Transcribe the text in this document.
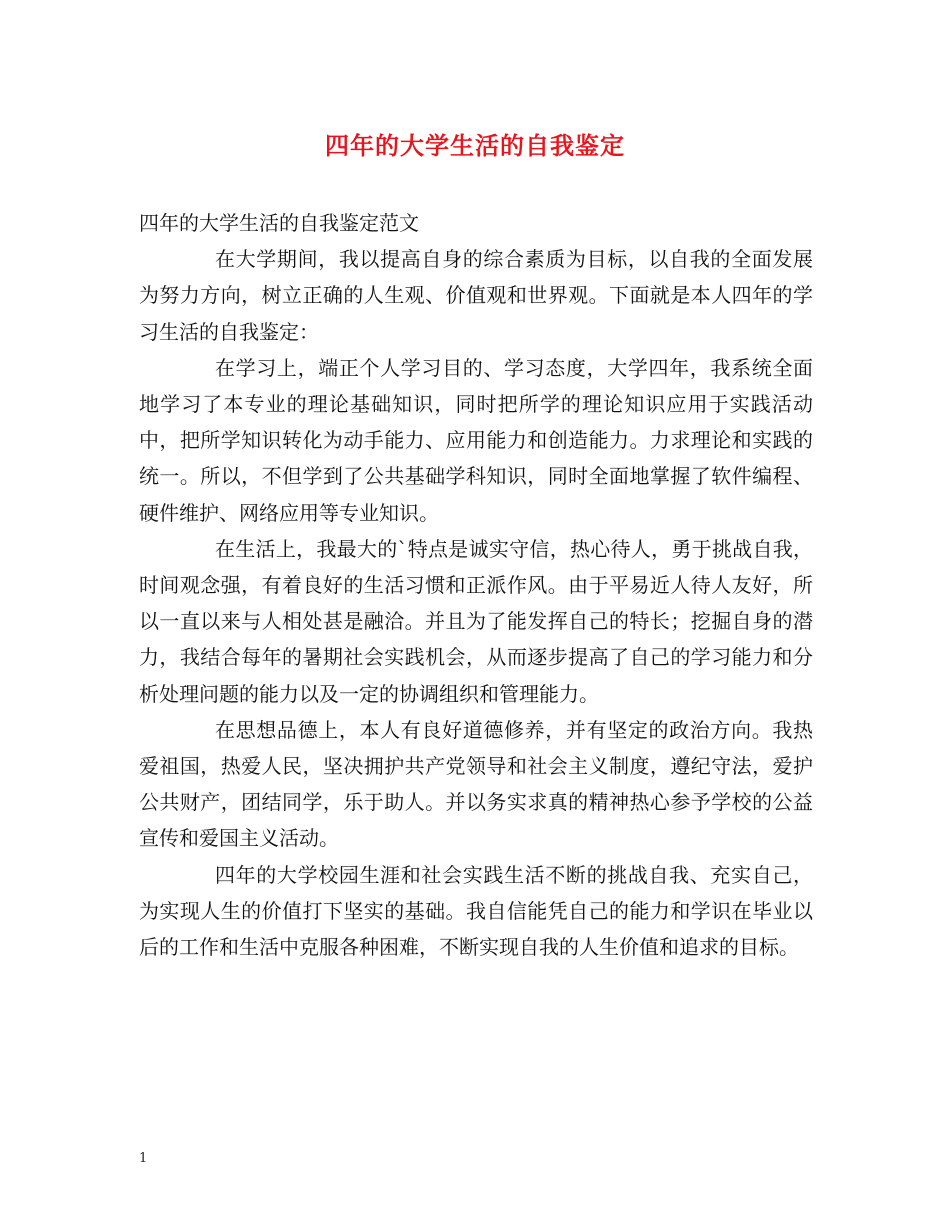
四年的大学生活的自我鉴定

四年的大学生活的自我鉴定范文

在大学期间，我以提高自身的综合素质为目标，以自我的全面发展为努力方向，树立正确的人生观、价值观和世界观。下面就是本人四年的学习生活的自我鉴定：

在学习上，端正个人学习目的、学习态度，大学四年，我系统全面地学习了本专业的理论基础知识，同时把所学的理论知识应用于实践活动中，把所学知识转化为动手能力、应用能力和创造能力。力求理论和实践的统一。所以，不但学到了公共基础学科知识，同时全面地掌握了软件编程、硬件维护、网络应用等专业知识。

在生活上，我最大的`特点是诚实守信，热心待人，勇于挑战自我，时间观念强，有着良好的生活习惯和正派作风。由于平易近人待人友好，所以一直以来与人相处甚是融洽。并且为了能发挥自己的特长；挖掘自身的潜力，我结合每年的暑期社会实践机会，从而逐步提高了自己的学习能力和分析处理问题的能力以及一定的协调组织和管理能力。

在思想品德上，本人有良好道德修养，并有坚定的政治方向。我热爱祖国，热爱人民，坚决拥护共产党领导和社会主义制度，遵纪守法，爱护公共财产，团结同学，乐于助人。并以务实求真的精神热心参予学校的公益宣传和爱国主义活动。

四年的大学校园生涯和社会实践生活不断的挑战自我、充实自己，为实现人生的价值打下坚实的基础。我自信能凭自己的能力和学识在毕业以后的工作和生活中克服各种困难，不断实现自我的人生价值和追求的目标。

1
